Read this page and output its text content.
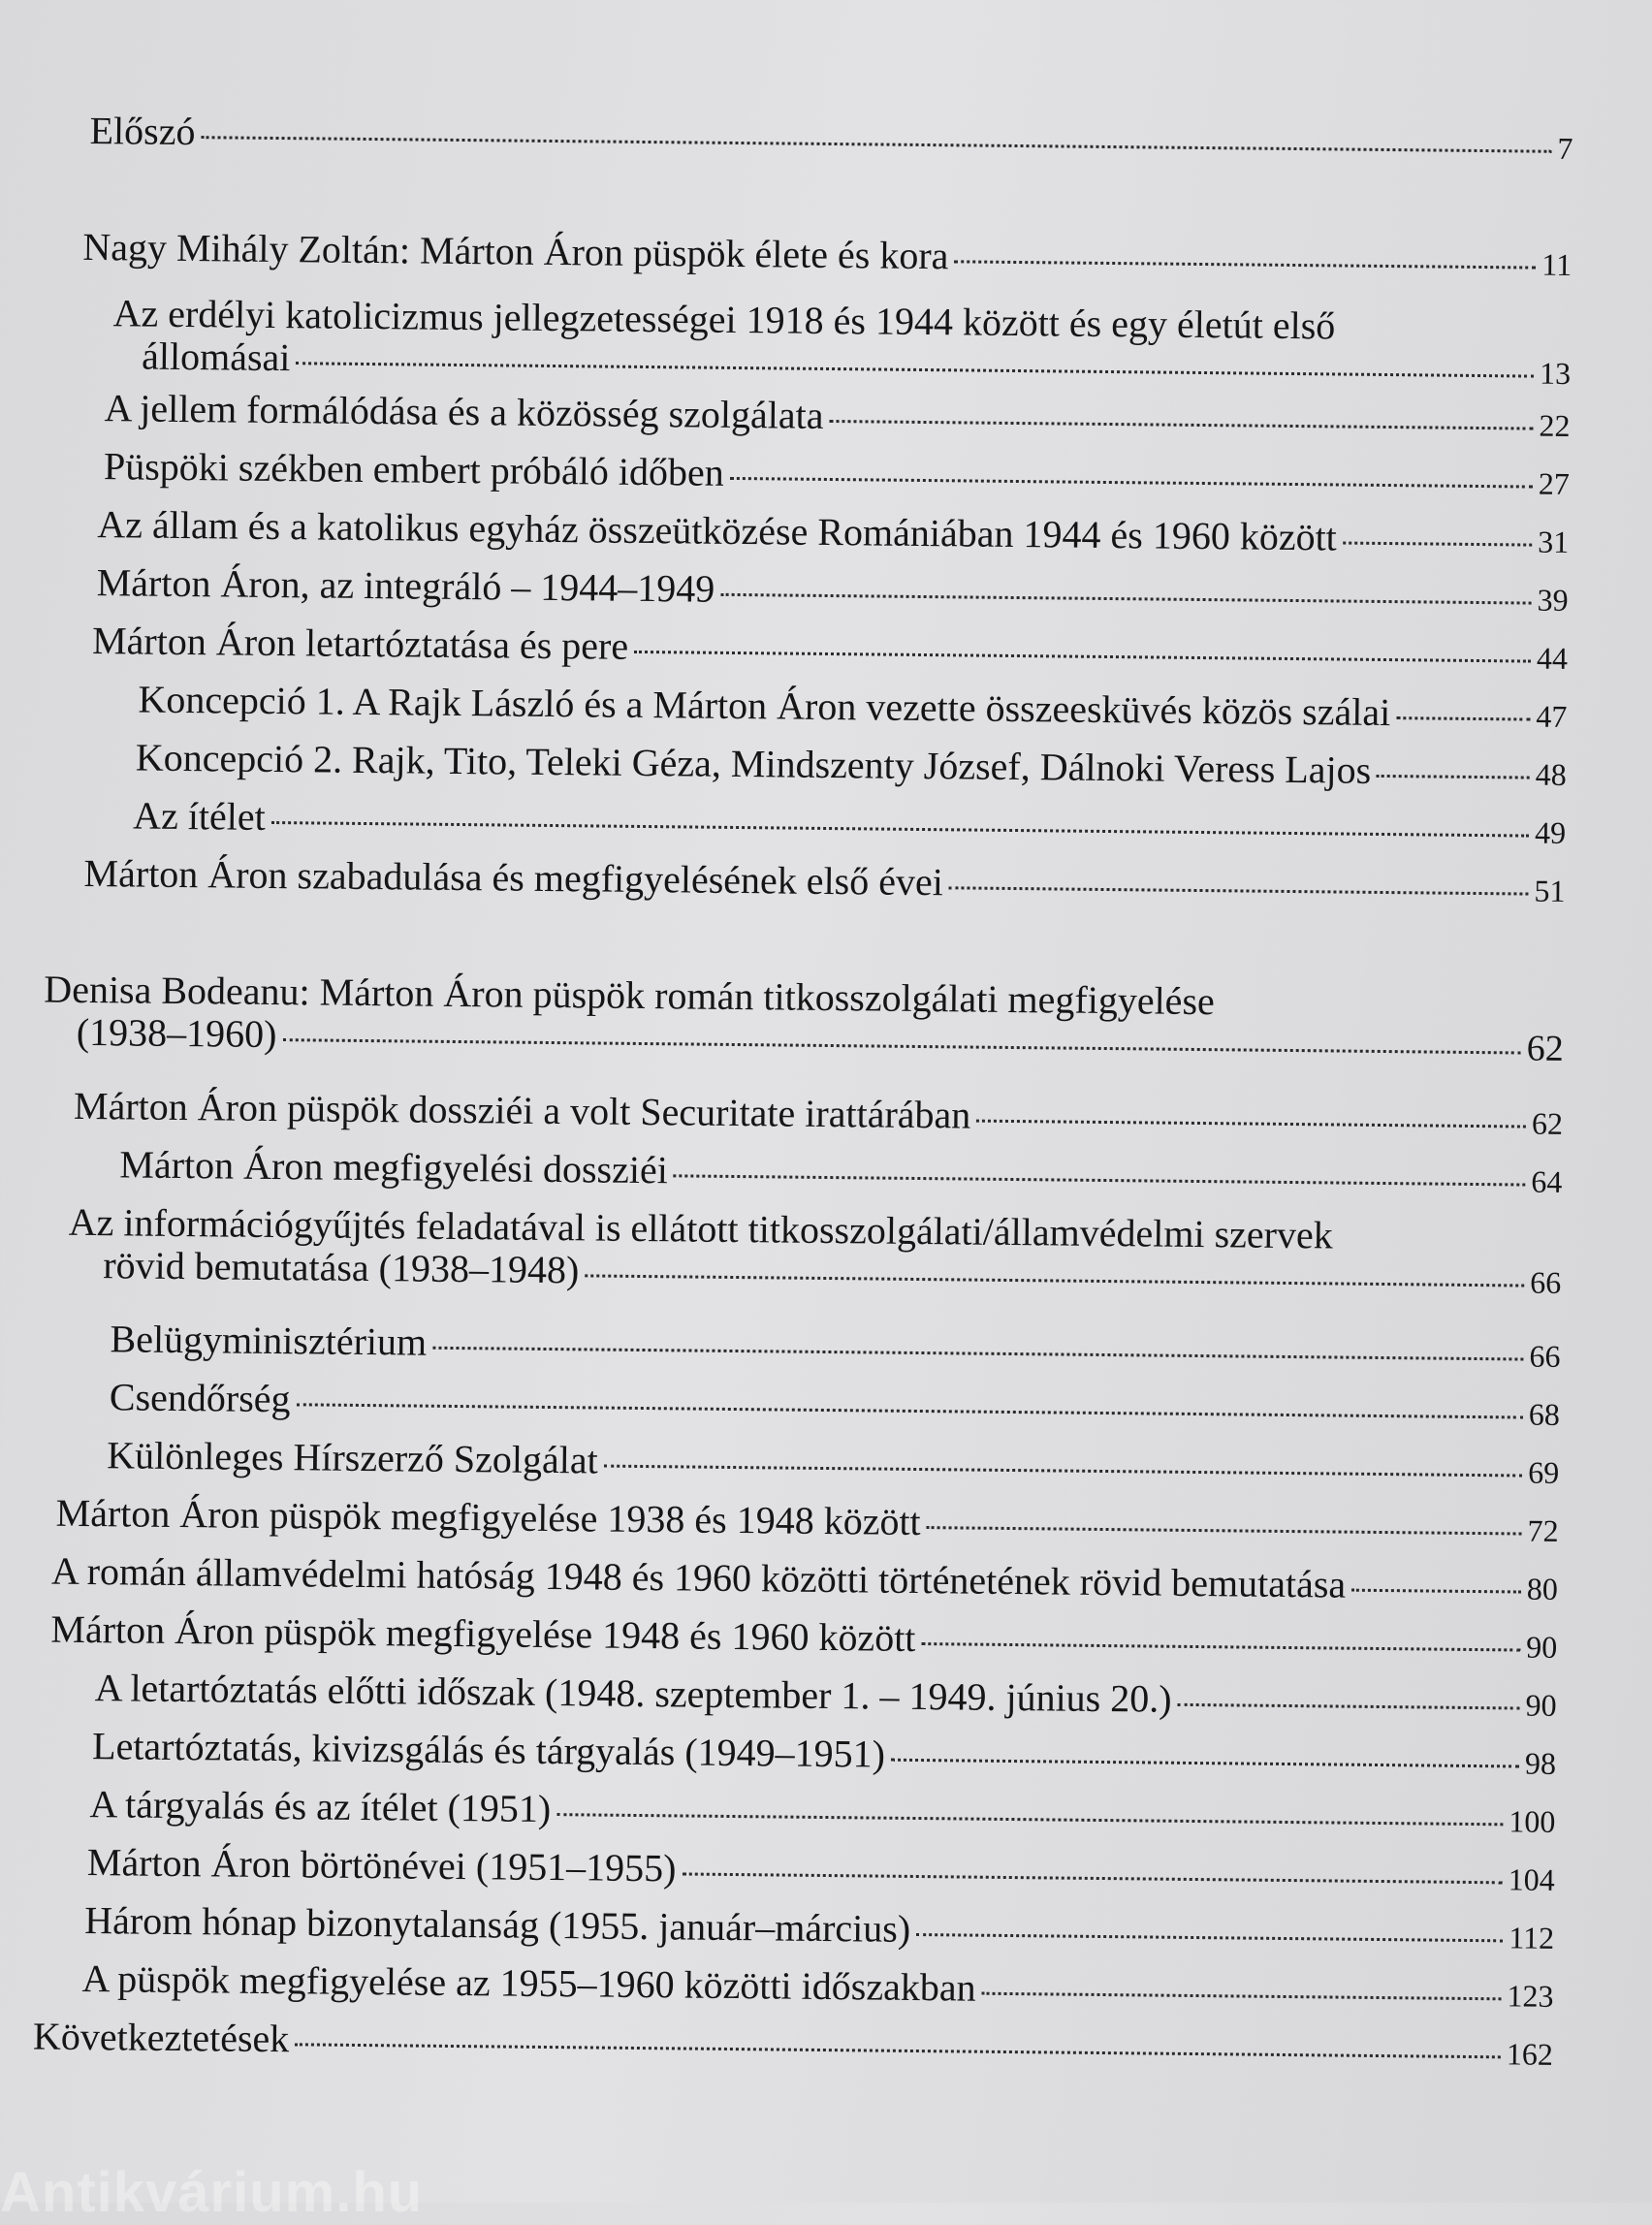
Előszó	7
Nagy Mihály Zoltán: Márton Áron püspök élete és kora	11
Az erdélyi katolicizmus jellegzetességei 1918 és 1944 között és egy életút első
állomásai	13
A jellem formálódása és a közösség szolgálata	22
Püspöki székben embert próbáló időben	27
Az állam és a katolikus egyház összeütközése Romániában 1944 és 1960 között	31
Márton Áron, az integráló – 1944–1949	39
Márton Áron letartóztatása és pere	44
Koncepció 1. A Rajk László és a Márton Áron vezette összeesküvés közös szálai	47
Koncepció 2. Rajk, Tito, Teleki Géza, Mindszenty József, Dálnoki Veress Lajos	48
Az ítélet	49
Márton Áron szabadulása és megfigyelésének első évei	51
Denisa Bodeanu: Márton Áron püspök román titkosszolgálati megfigyelése
(1938–1960)	62
Márton Áron püspök dossziéi a volt Securitate irattárában	62
Márton Áron megfigyelési dossziéi	64
Az információgyűjtés feladatával is ellátott titkosszolgálati/államvédelmi szervek
rövid bemutatása (1938–1948)	66
Belügyminisztérium	66
Csendőrség	68
Különleges Hírszerző Szolgálat	69
Márton Áron püspök megfigyelése 1938 és 1948 között	72
A román államvédelmi hatóság 1948 és 1960 közötti történetének rövid bemutatása	80
Márton Áron püspök megfigyelése 1948 és 1960 között	90
A letartóztatás előtti időszak (1948. szeptember 1. – 1949. június 20.)	90
Letartóztatás, kivizsgálás és tárgyalás (1949–1951)	98
A tárgyalás és az ítélet (1951)	100
Márton Áron börtönévei (1951–1955)	104
Három hónap bizonytalanság (1955. január–március)	112
A püspök megfigyelése az 1955–1960 közötti időszakban	123
Következtetések	162
Antikvárium.hu
